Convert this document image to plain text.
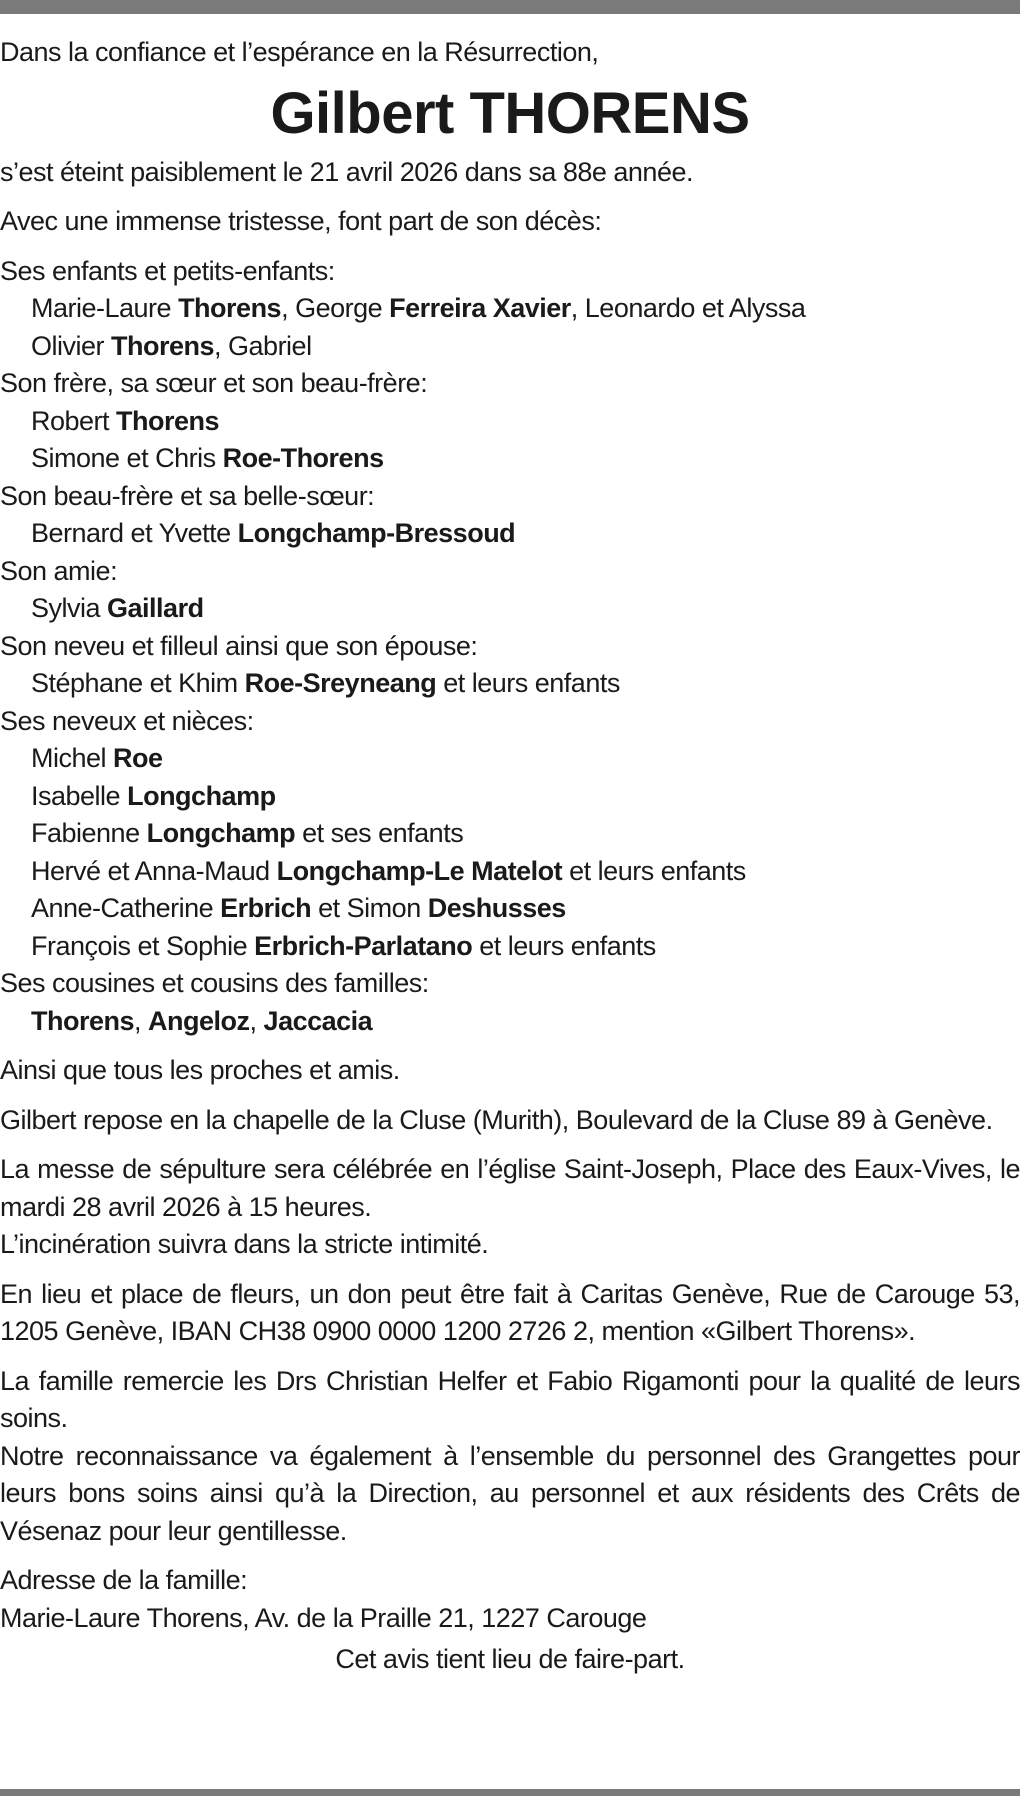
Dans la confiance et l’espérance en la Résurrection,

Gilbert THORENS

s’est éteint paisiblement le 21 avril 2026 dans sa 88e année.

Avec une immense tristesse, font part de son décès:

Ses enfants et petits-enfants:

Marie-Laure Thorens, George Ferreira Xavier, Leonardo et Alyssa

Olivier Thorens, Gabriel

Son frère, sa sœur et son beau-frère:

Robert Thorens

Simone et Chris Roe-Thorens

Son beau-frère et sa belle-sœur:

Bernard et Yvette Longchamp-Bressoud

Son amie:

Sylvia Gaillard

Son neveu et filleul ainsi que son épouse:

Stéphane et Khim Roe-Sreyneang et leurs enfants

Ses neveux et nièces:

Michel Roe

Isabelle Longchamp

Fabienne Longchamp et ses enfants

Hervé et Anna-Maud Longchamp-Le Matelot et leurs enfants

Anne-Catherine Erbrich et Simon Deshusses

François et Sophie Erbrich-Parlatano et leurs enfants

Ses cousines et cousins des familles:

Thorens, Angeloz, Jaccacia

Ainsi que tous les proches et amis.

Gilbert repose en la chapelle de la Cluse (Murith), Boulevard de la Cluse 89 à Genève.

La messe de sépulture sera célébrée en l’église Saint-Joseph, Place des Eaux-Vives, le mardi 28 avril 2026 à 15 heures.

L’incinération suivra dans la stricte intimité.

En lieu et place de fleurs, un don peut être fait à Caritas Genève, Rue de Carouge 53, 1205 Genève, IBAN CH38 0900 0000 1200 2726 2, mention «Gilbert Thorens».

La famille remercie les Drs Christian Helfer et Fabio Rigamonti pour la qualité de leurs soins.

Notre reconnaissance va également à l’ensemble du personnel des Grangettes pour leurs bons soins ainsi qu’à la Direction, au personnel et aux résidents des Crêts de Vésenaz pour leur gentillesse.

Adresse de la famille:

Marie-Laure Thorens, Av. de la Praille 21, 1227 Carouge

Cet avis tient lieu de faire-part.
